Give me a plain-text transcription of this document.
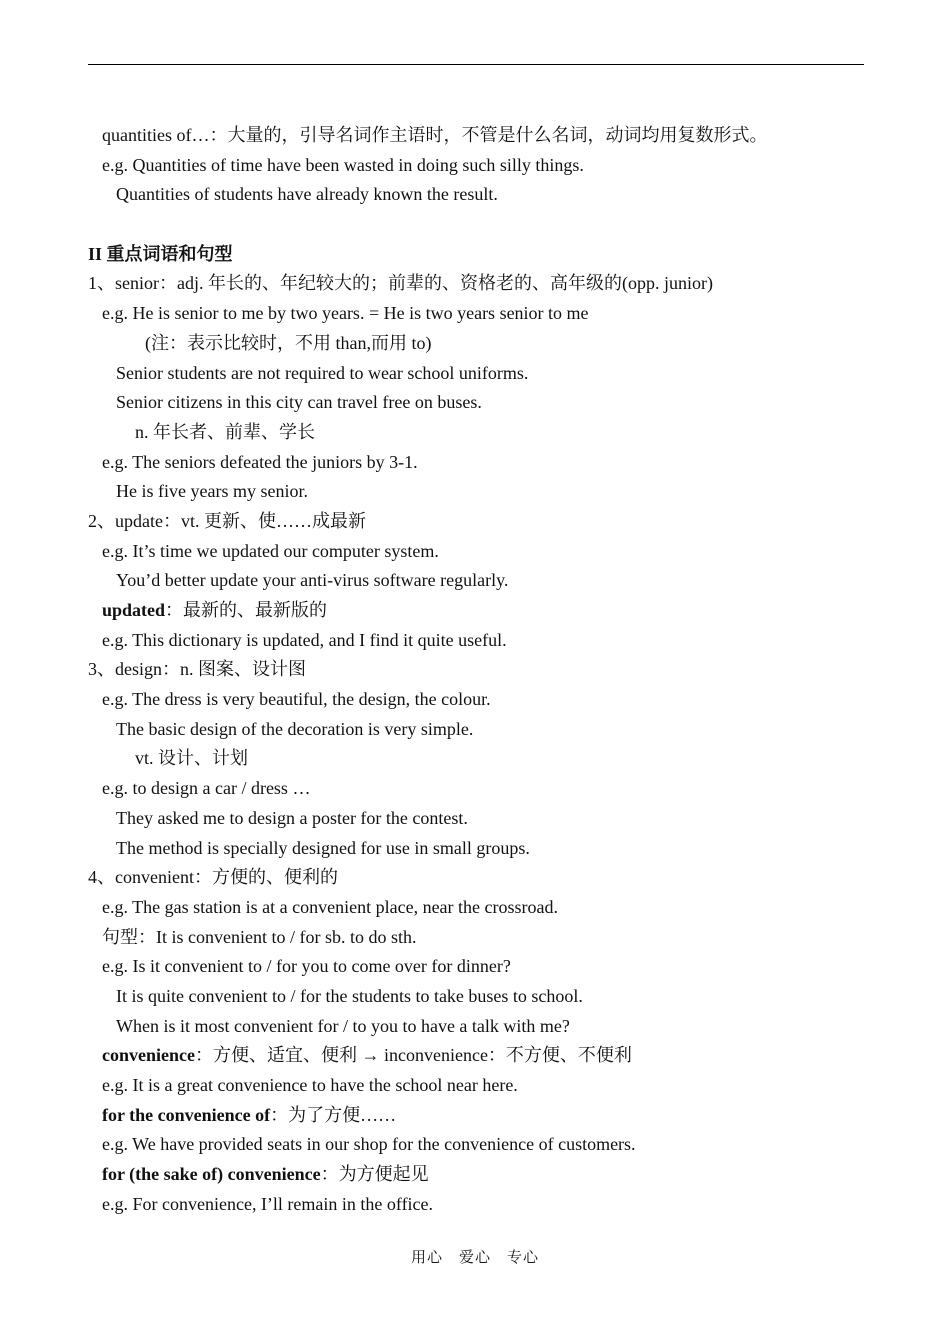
quantities of…：大量的，引导名词作主语时，不管是什么名词，动词均用复数形式。
e.g. Quantities of time have been wasted in doing such silly things.
Quantities of students have already known the result.
II 重点词语和句型
1、senior：adj. 年长的、年纪较大的；前辈的、资格老的、高年级的(opp. junior)
e.g. He is senior to me by two years. = He is two years senior to me
(注：表示比较时，不用 than,而用 to)
Senior students are not required to wear school uniforms.
Senior citizens in this city can travel free on buses.
n. 年长者、前辈、学长
e.g. The seniors defeated the juniors by 3-1.
He is five years my senior.
2、update：vt. 更新、使……成最新
e.g. It’s time we updated our computer system.
You’d better update your anti-virus software regularly.
updated：最新的、最新版的
e.g. This dictionary is updated, and I find it quite useful.
3、design：n. 图案、设计图
e.g. The dress is very beautiful, the design, the colour.
The basic design of the decoration is very simple.
vt. 设计、计划
e.g. to design a car / dress …
They asked me to design a poster for the contest.
The method is specially designed for use in small groups.
4、convenient：方便的、便利的
e.g. The gas station is at a convenient place, near the crossroad.
句型：It is convenient to / for sb. to do sth.
e.g. Is it convenient to / for you to come over for dinner?
It is quite convenient to / for the students to take buses to school.
When is it most convenient for / to you to have a talk with me?
convenience：方便、适宜、便利 → inconvenience：不方便、不便利
e.g. It is a great convenience to have the school near here.
for the convenience of：为了方便……
e.g. We have provided seats in our shop for the convenience of customers.
for (the sake of) convenience：为方便起见
e.g. For convenience, I’ll remain in the office.
用心　爱心　专心
